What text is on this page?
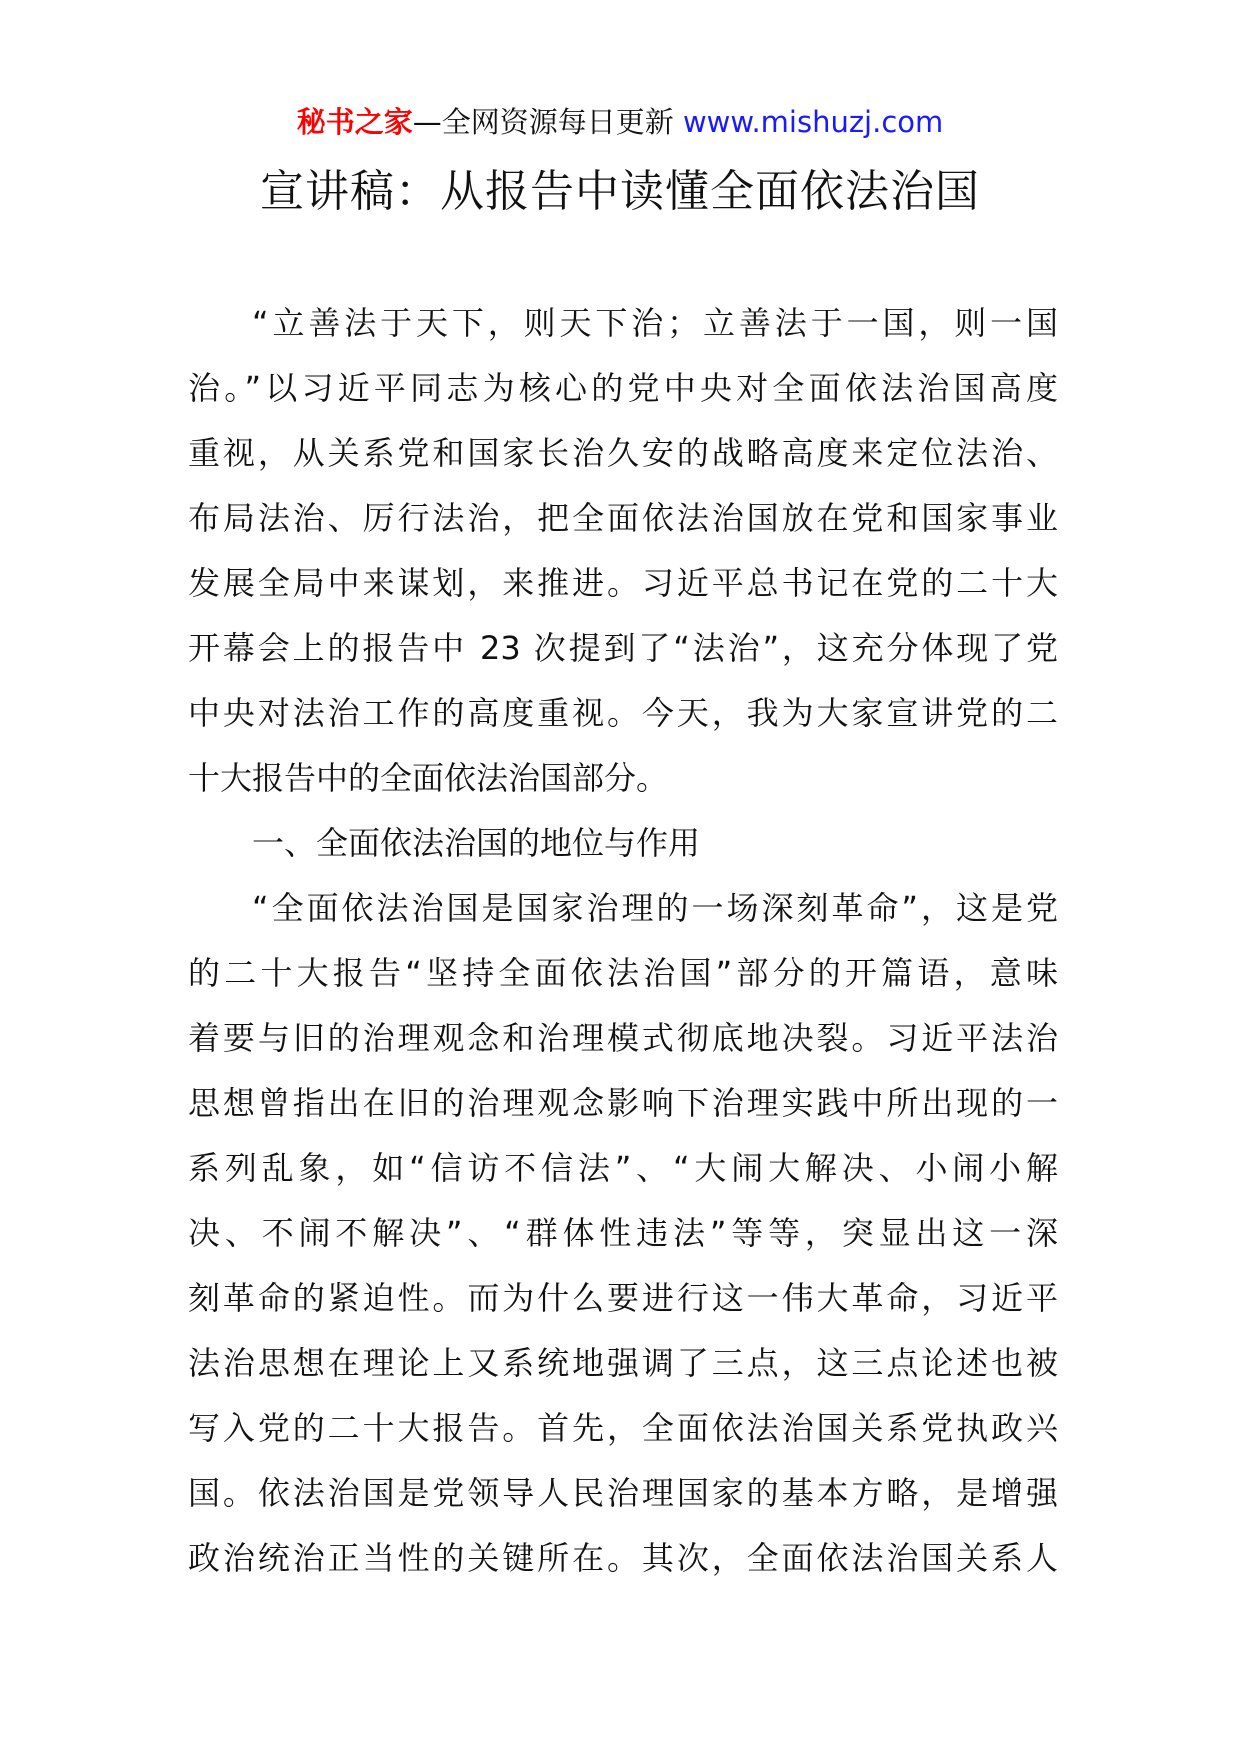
秘书之家—全网资源每日更新 www.mishuzj.com
宣讲稿：从报告中读懂全面依法治国
“立善法于天下，则天下治；立善法于一国，则一国
治。”以习近平同志为核心的党中央对全面依法治国高度
重视，从关系党和国家长治久安的战略高度来定位法治、
布局法治、厉行法治，把全面依法治国放在党和国家事业
发展全局中来谋划，来推进。习近平总书记在党的二十大
开幕会上的报告中 23 次提到了“法治”，这充分体现了党
中央对法治工作的高度重视。今天，我为大家宣讲党的二
十大报告中的全面依法治国部分。
一、全面依法治国的地位与作用
“全面依法治国是国家治理的一场深刻革命”，这是党
的二十大报告“坚持全面依法治国”部分的开篇语，意味
着要与旧的治理观念和治理模式彻底地决裂。习近平法治
思想曾指出在旧的治理观念影响下治理实践中所出现的一
系列乱象，如“信访不信法”、“大闹大解决、小闹小解
决、不闹不解决”、“群体性违法”等等，突显出这一深
刻革命的紧迫性。而为什么要进行这一伟大革命，习近平
法治思想在理论上又系统地强调了三点，这三点论述也被
写入党的二十大报告。首先，全面依法治国关系党执政兴
国。依法治国是党领导人民治理国家的基本方略，是增强
政治统治正当性的关键所在。其次，全面依法治国关系人
